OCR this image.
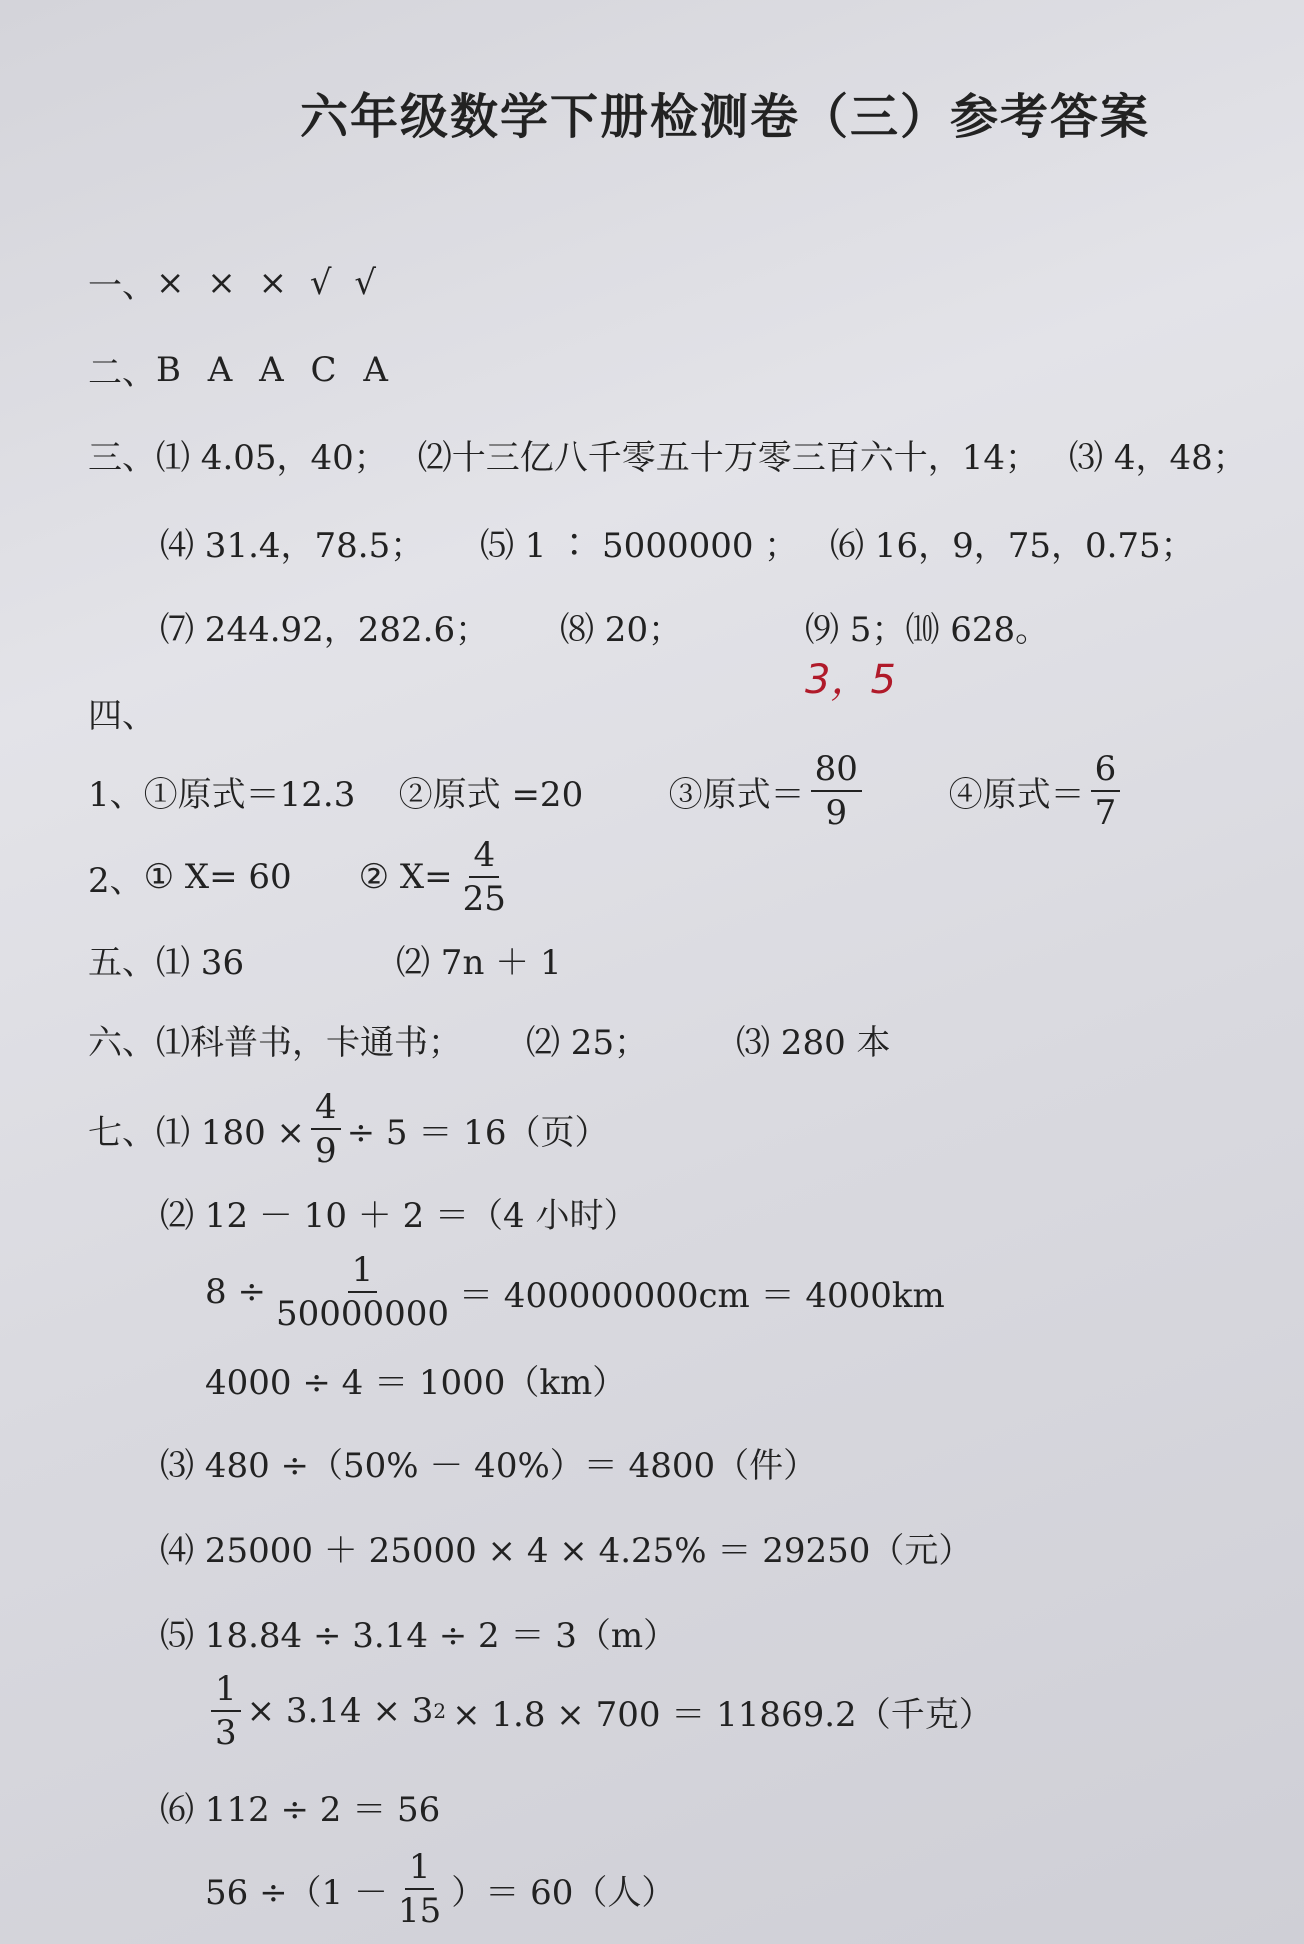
六年级数学下册检测卷（三）参考答案
一、 × × × √ √
二、 B A A C A
三、 ⑴ 4.05，40； ⑵十三亿八千零五十万零三百六十，14； ⑶ 4，48；
⑷ 31.4，78.5；	⑸ 1 ∶ 5000000 ； ⑹ 16，9，75，0.75；
⑺ 244.92，282.6；	⑻ 20；	⑼ 5；⑽ 628。
3，5
四、
1、 ①原式＝12.3	②原式 =20	③原式＝ $\frac{80}{9}$	④原式＝ $\frac{6}{7}$
2、 ① X= 60	② $X= \frac{4}{25}$
五、 ⑴ 36	⑵ 7n ＋ 1
六、 ⑴科普书，卡通书；	⑵ 25；	⑶ 280 本
七、 ⑴ $180 \times \frac{4}{9} \div 5 = 16$（页）
⑵ 12 － 10 ＋ 2 ＝（4 小时）
$8 \div \frac{1}{50000000} = 400000000cm = 4000km$
4000 ÷ 4 ＝ 1000（km）
⑶ 480 ÷（50% － 40%）＝ 4800（件）
⑷ 25000 ＋ 25000 × 4 × 4.25% ＝ 29250（元）
⑸ 18.84 ÷ 3.14 ÷ 2 ＝ 3（m）
$\frac{1}{3} \times 3.14 \times 3$ 2 × 1.8 × 700 ＝ 11869.2（千克）
⑹ 112 ÷ 2 ＝ 56
$56 \div(1 - \frac{1}{15}$ ）＝ 60（人）
